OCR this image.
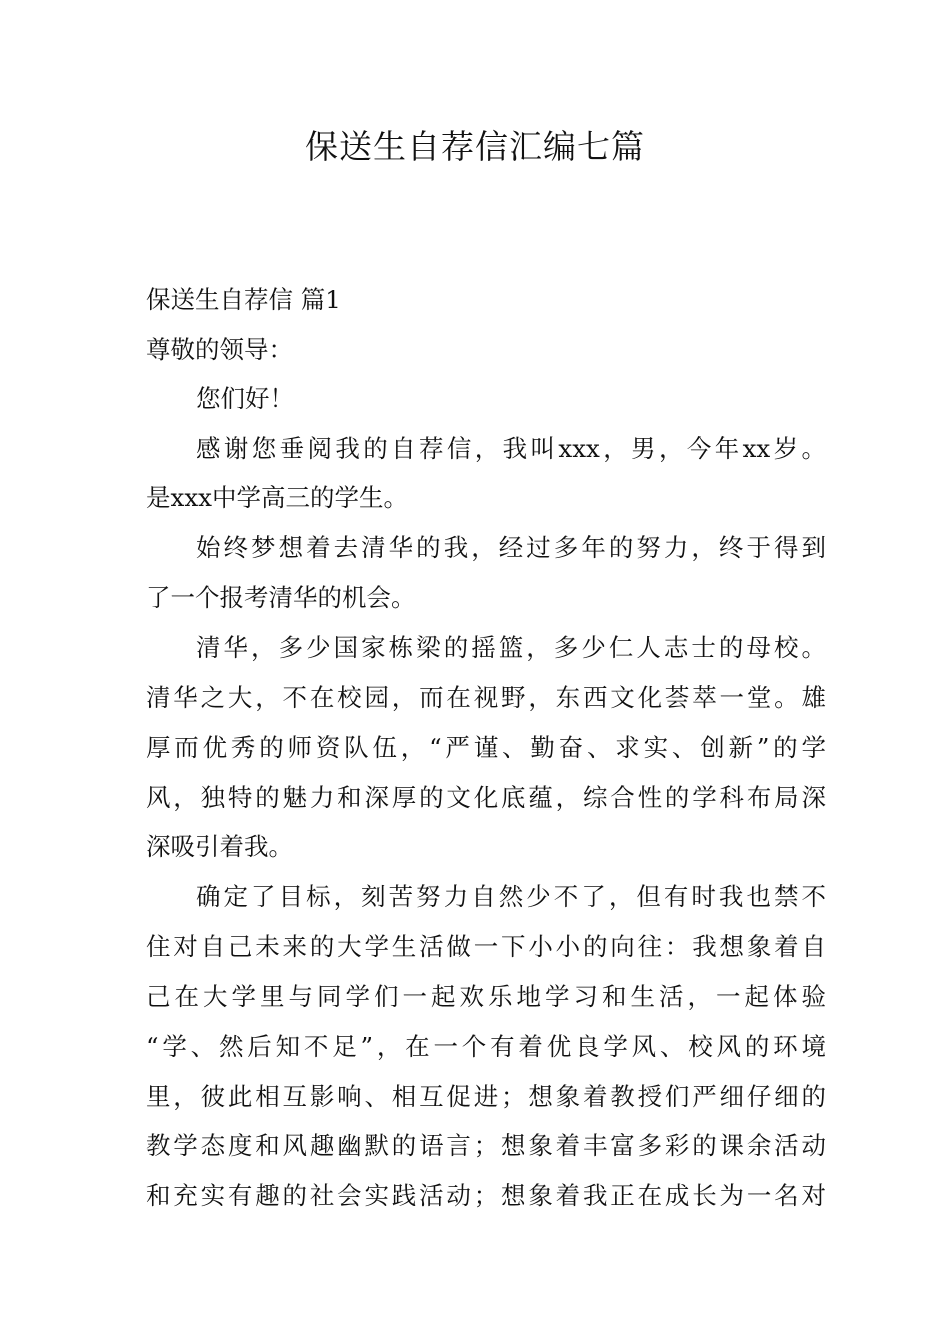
保送生自荐信汇编七篇
保送生自荐信 篇1
尊敬的领导：
您们好！
感谢您垂阅我的自荐信，我叫xxx，男，今年xx岁。
是xxx中学高三的学生。
始终梦想着去清华的我，经过多年的努力，终于得到
了一个报考清华的机会。
清华，多少国家栋梁的摇篮，多少仁人志士的母校。
清华之大，不在校园，而在视野，东西文化荟萃一堂。雄
厚而优秀的师资队伍，“严谨、勤奋、求实、创新”的学
风，独特的魅力和深厚的文化底蕴，综合性的学科布局深
深吸引着我。
确定了目标，刻苦努力自然少不了，但有时我也禁不
住对自己未来的大学生活做一下小小的向往：我想象着自
己在大学里与同学们一起欢乐地学习和生活，一起体验
“学、然后知不足”，在一个有着优良学风、校风的环境
里，彼此相互影响、相互促进；想象着教授们严细仔细的
教学态度和风趣幽默的语言；想象着丰富多彩的课余活动
和充实有趣的社会实践活动；想象着我正在成长为一名对
